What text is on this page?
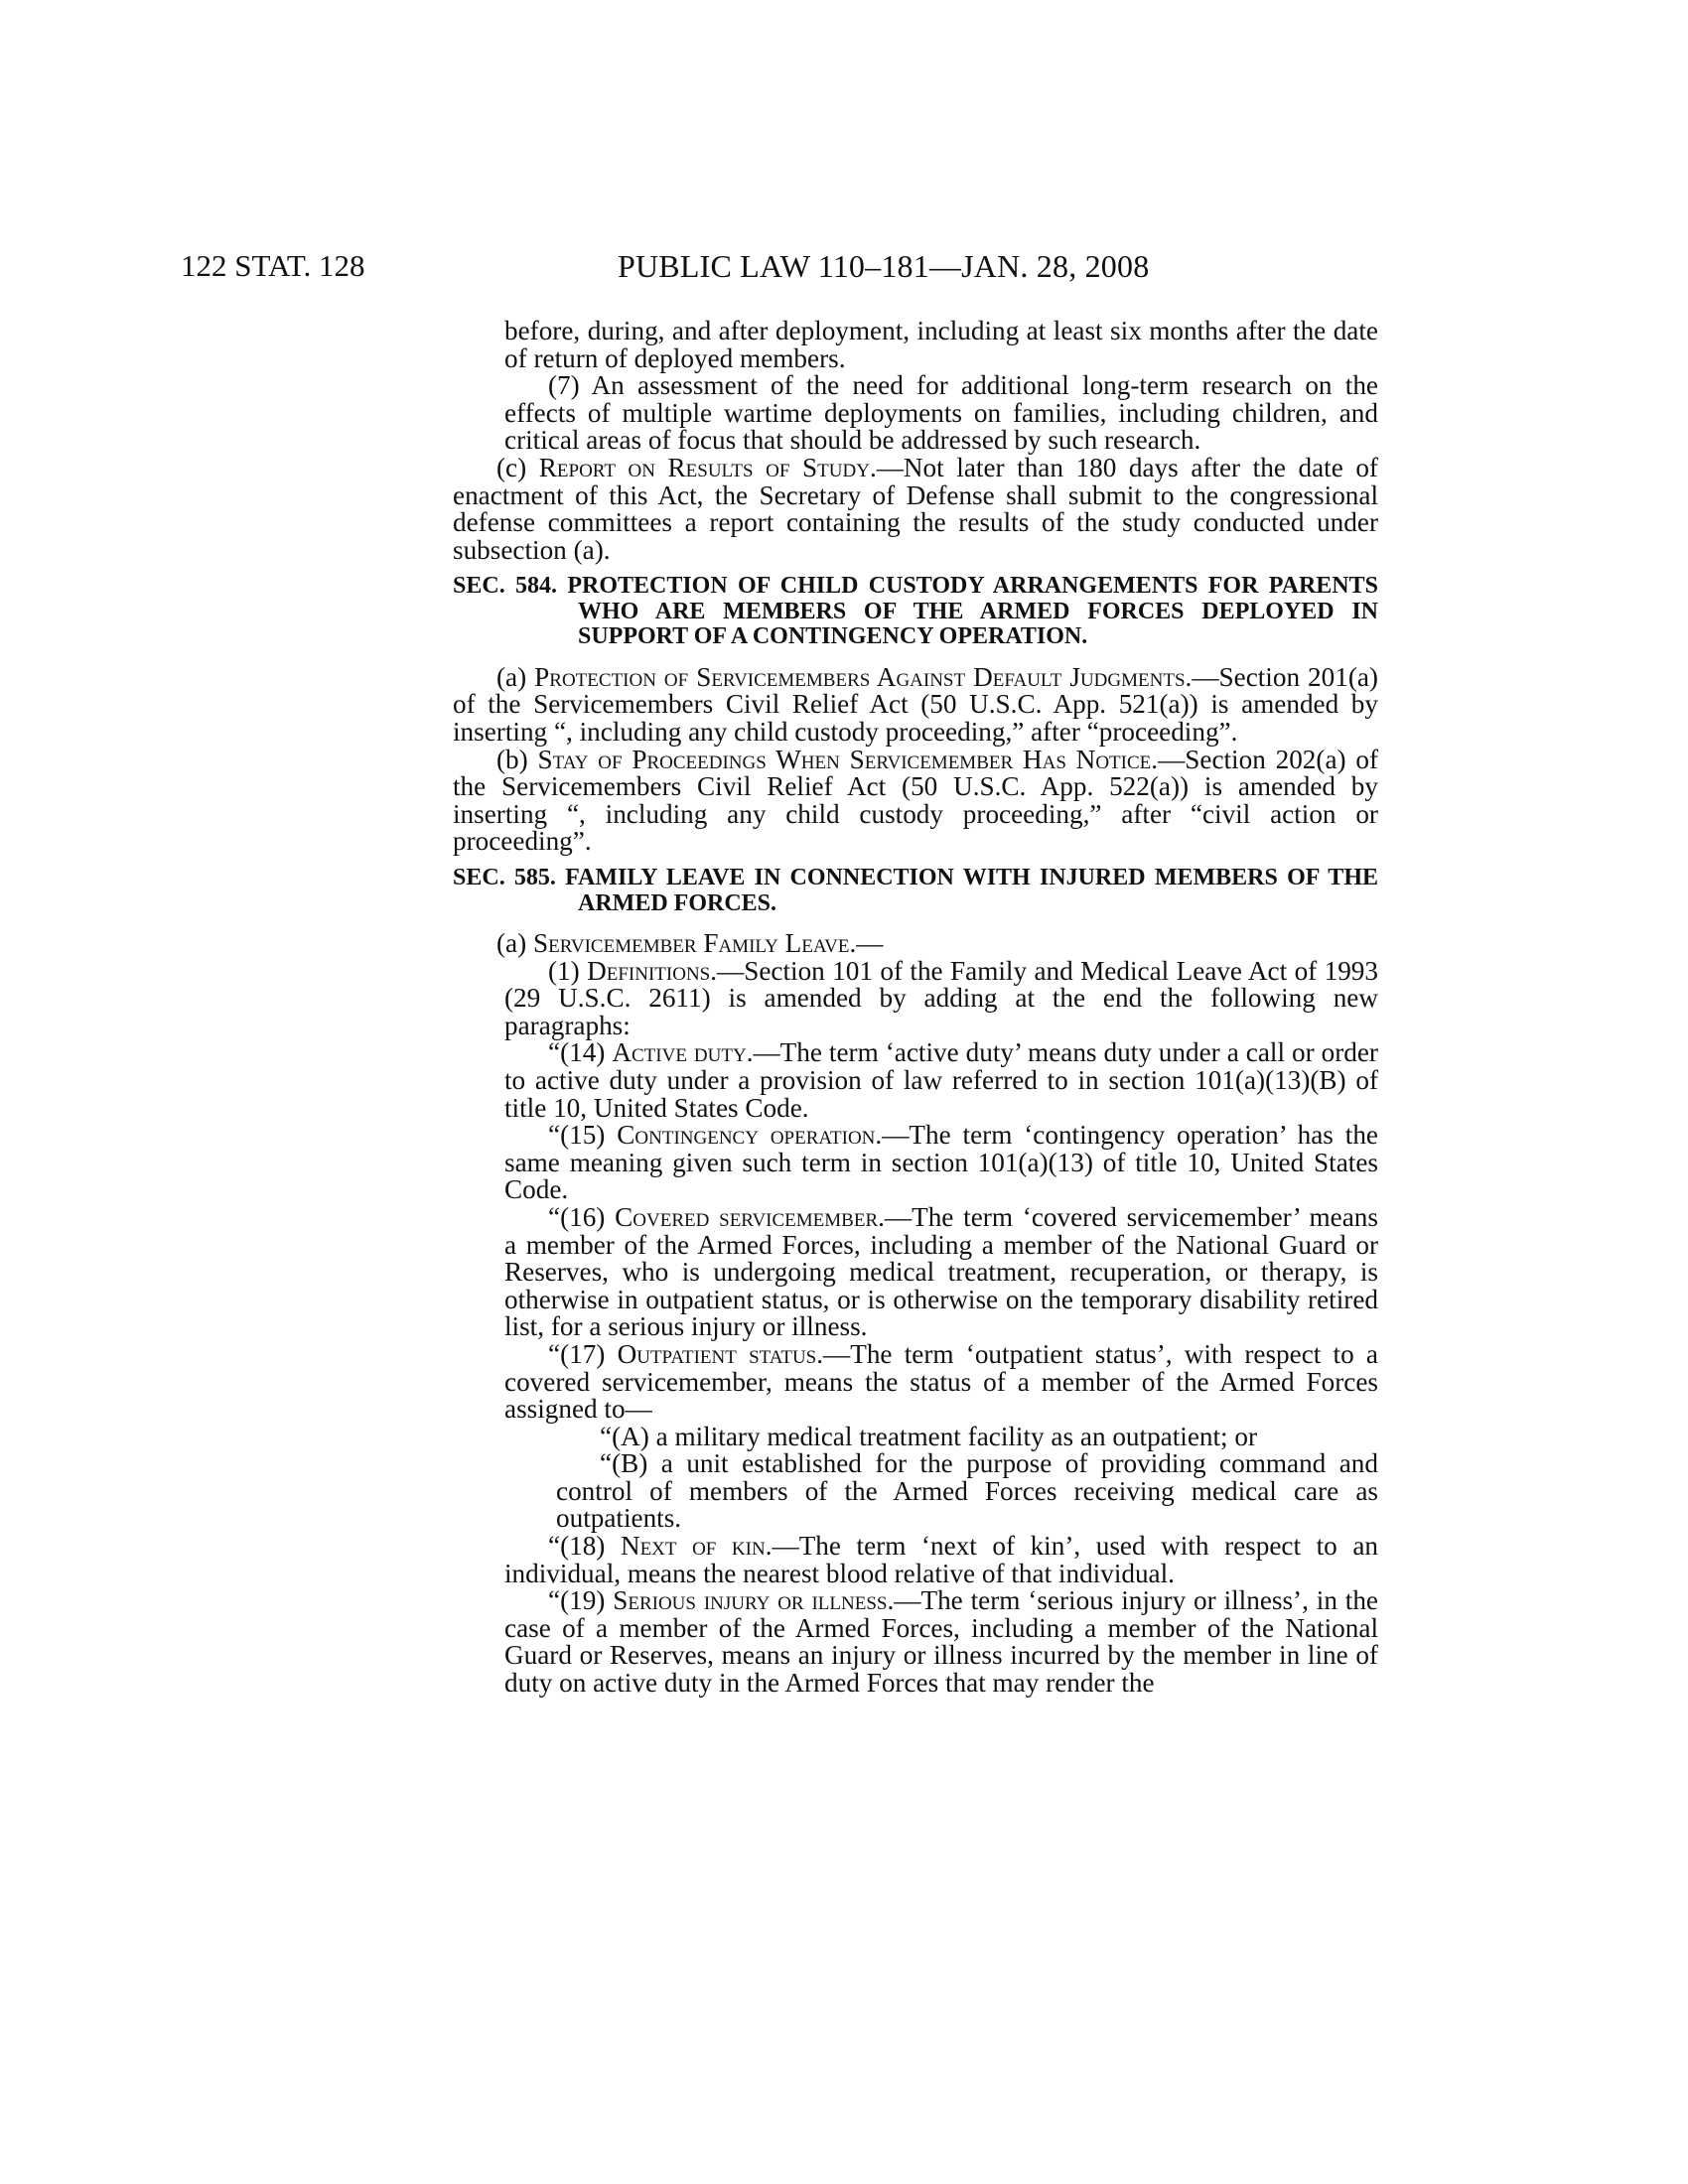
122 STAT. 128	PUBLIC LAW 110–181—JAN. 28, 2008

before, during, and after deployment, including at least six months after the date of return of deployed members.

(7) An assessment of the need for additional long-term research on the effects of multiple wartime deployments on families, including children, and critical areas of focus that should be addressed by such research.

(c) Report on Results of Study.—Not later than 180 days after the date of enactment of this Act, the Secretary of Defense shall submit to the congressional defense committees a report containing the results of the study conducted under subsection (a).

SEC. 584. PROTECTION OF CHILD CUSTODY ARRANGEMENTS FOR PARENTS WHO ARE MEMBERS OF THE ARMED FORCES DEPLOYED IN SUPPORT OF A CONTINGENCY OPERATION.

(a) Protection of Servicemembers Against Default Judgments.—Section 201(a) of the Servicemembers Civil Relief Act (50 U.S.C. App. 521(a)) is amended by inserting “, including any child custody proceeding,” after “proceeding”.

(b) Stay of Proceedings When Servicemember Has Notice.—Section 202(a) of the Servicemembers Civil Relief Act (50 U.S.C. App. 522(a)) is amended by inserting “, including any child custody proceeding,” after “civil action or proceeding”.

SEC. 585. FAMILY LEAVE IN CONNECTION WITH INJURED MEMBERS OF THE ARMED FORCES.

(a) Servicemember Family Leave.—

(1) Definitions.—Section 101 of the Family and Medical Leave Act of 1993 (29 U.S.C. 2611) is amended by adding at the end the following new paragraphs:

“(14) Active duty.—The term ‘active duty’ means duty under a call or order to active duty under a provision of law referred to in section 101(a)(13)(B) of title 10, United States Code.

“(15) Contingency operation.—The term ‘contingency operation’ has the same meaning given such term in section 101(a)(13) of title 10, United States Code.

“(16) Covered servicemember.—The term ‘covered servicemember’ means a member of the Armed Forces, including a member of the National Guard or Reserves, who is undergoing medical treatment, recuperation, or therapy, is otherwise in outpatient status, or is otherwise on the temporary disability retired list, for a serious injury or illness.

“(17) Outpatient status.—The term ‘outpatient status’, with respect to a covered servicemember, means the status of a member of the Armed Forces assigned to—

“(A) a military medical treatment facility as an outpatient; or

“(B) a unit established for the purpose of providing command and control of members of the Armed Forces receiving medical care as outpatients.

“(18) Next of kin.—The term ‘next of kin’, used with respect to an individual, means the nearest blood relative of that individual.

“(19) Serious injury or illness.—The term ‘serious injury or illness’, in the case of a member of the Armed Forces, including a member of the National Guard or Reserves, means an injury or illness incurred by the member in line of duty on active duty in the Armed Forces that may render the
